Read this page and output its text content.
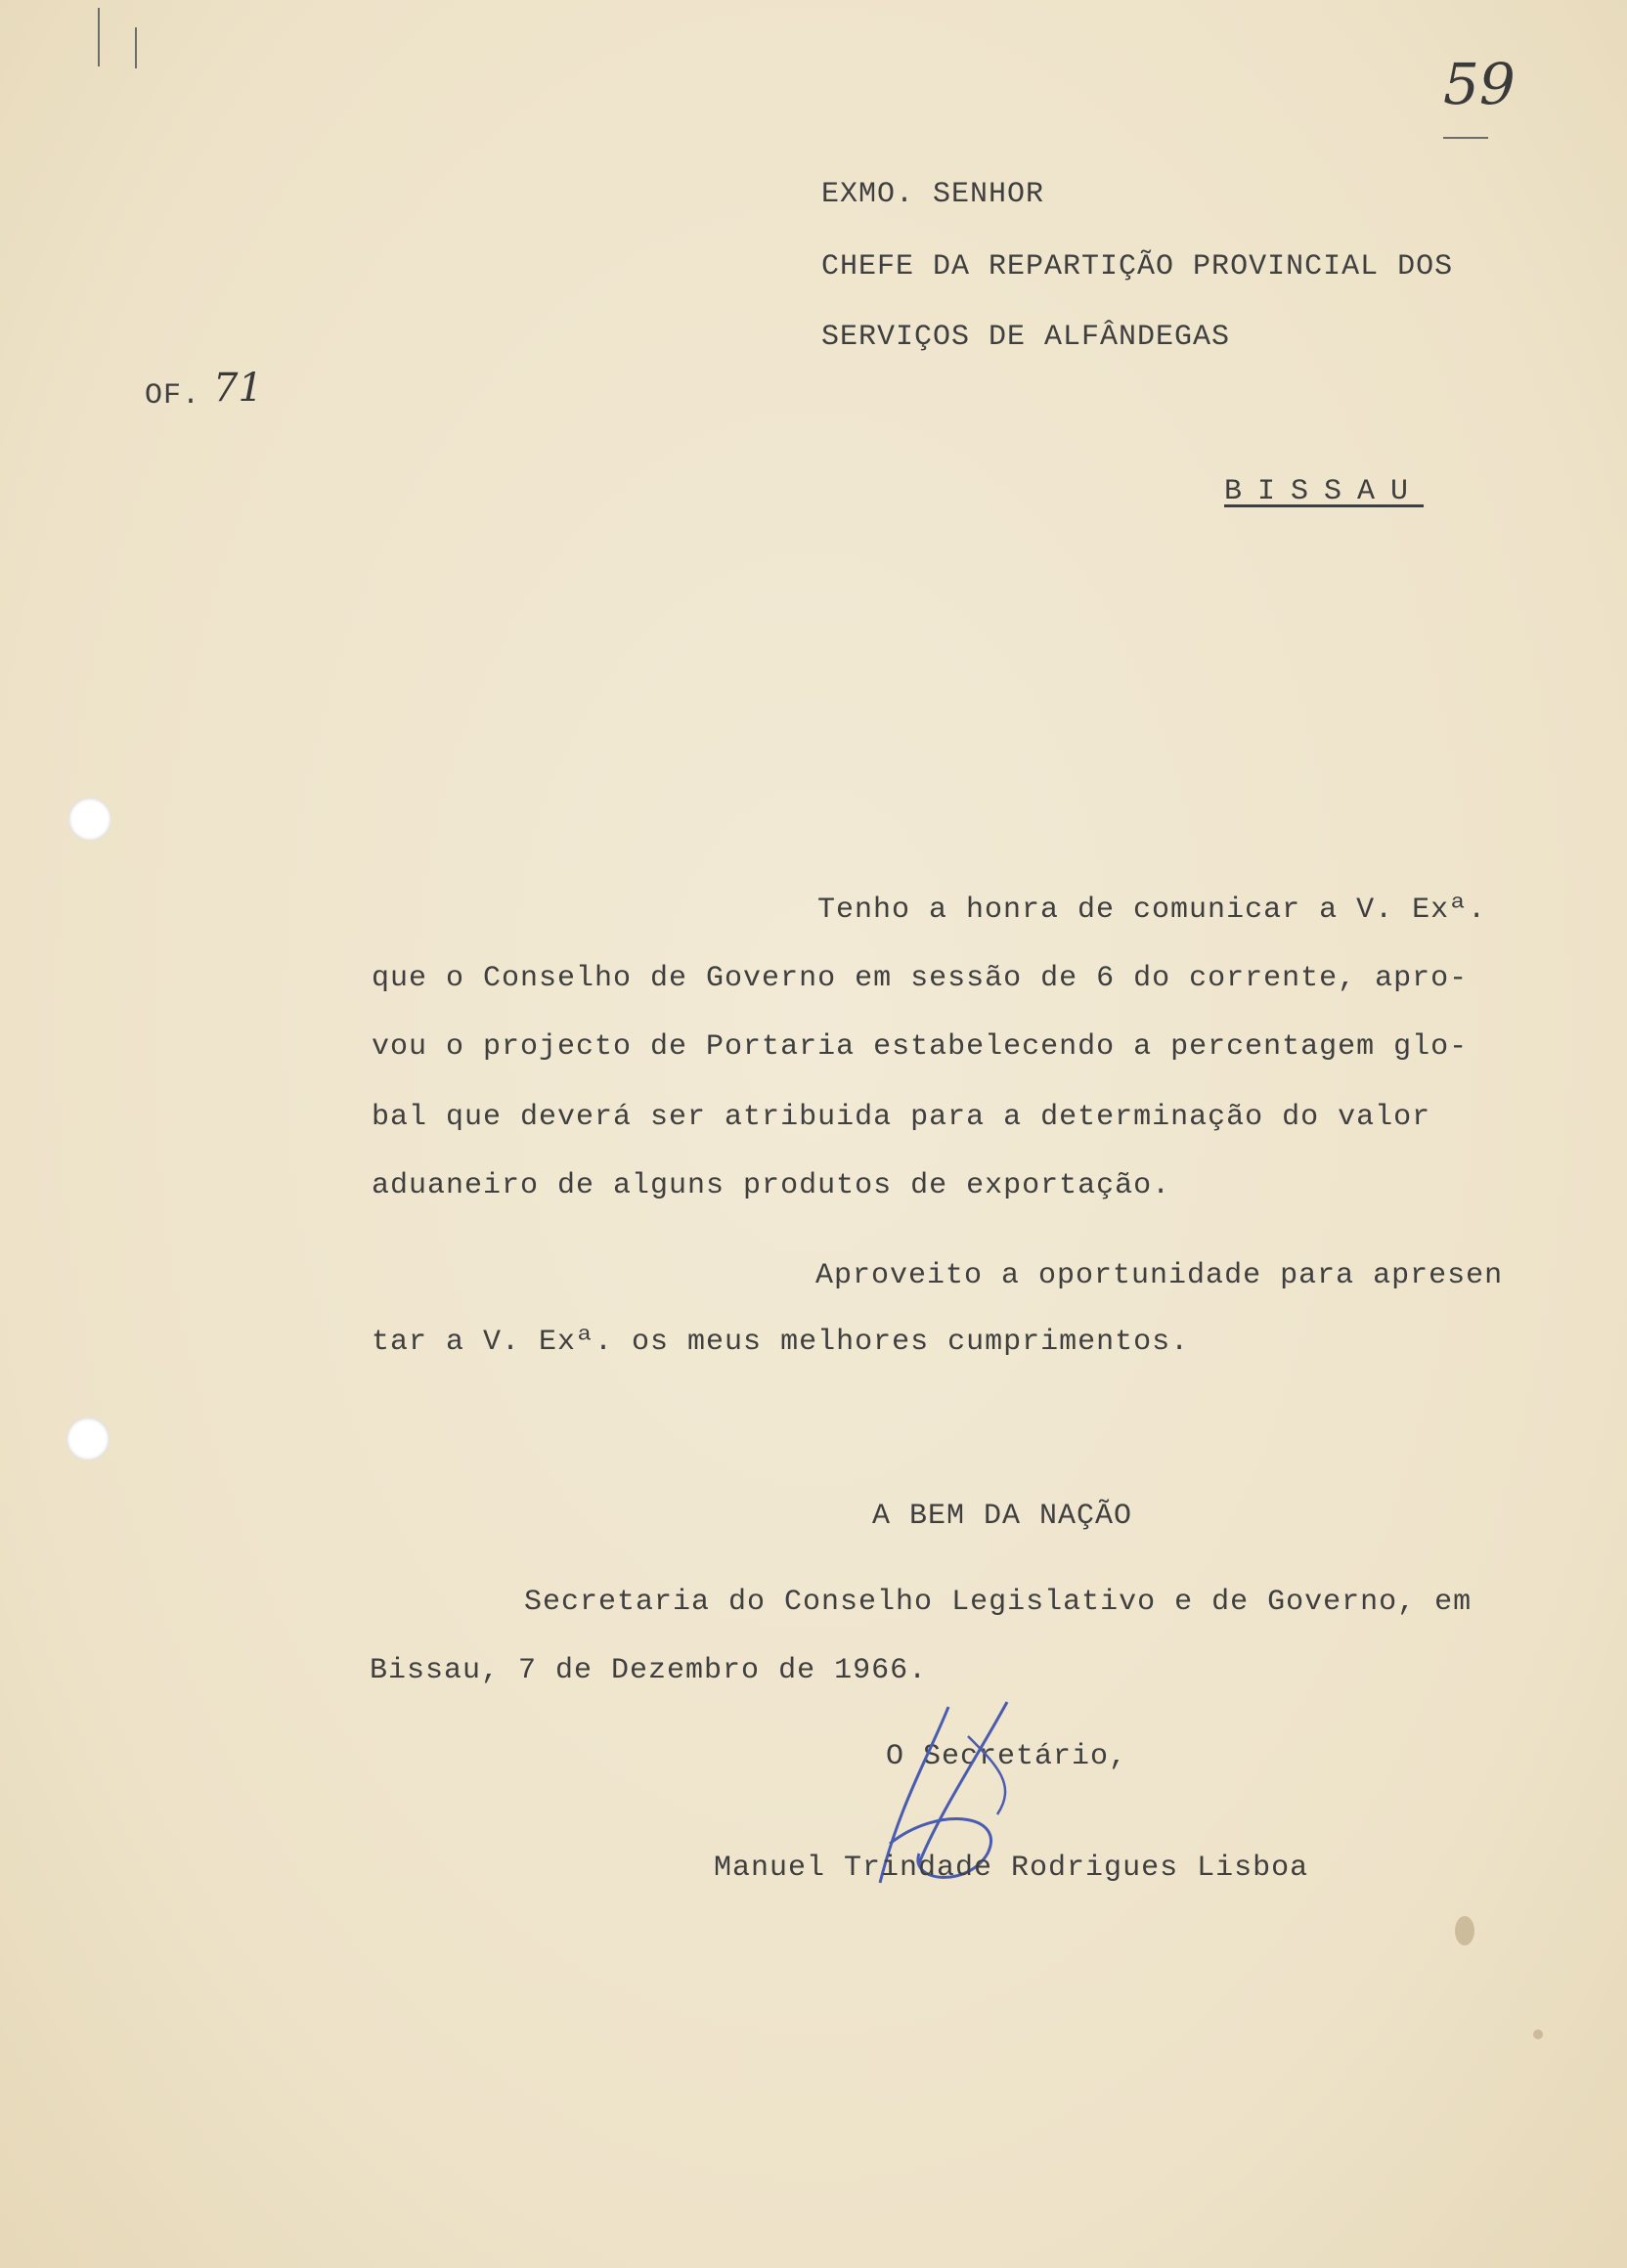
59
OF. 71
EXMO. SENHOR
CHEFE DA REPARTIÇÃO PROVINCIAL DOS
SERVIÇOS DE ALFÂNDEGAS
BISSAU
Tenho a honra de comunicar a V. Exª.
que o Conselho de Governo em sessão de 6 do corrente, apro-
vou o projecto de Portaria estabelecendo a percentagem glo-
bal que deverá ser atribuida para a determinação do valor
aduaneiro de alguns produtos de exportação.
Aproveito a oportunidade para apresen
tar a V. Exª. os meus melhores cumprimentos.
A BEM DA NAÇÃO
Secretaria do Conselho Legislativo e de Governo, em
Bissau, 7 de Dezembro de 1966.
O Secretário,
Manuel Trindade Rodrigues Lisboa
